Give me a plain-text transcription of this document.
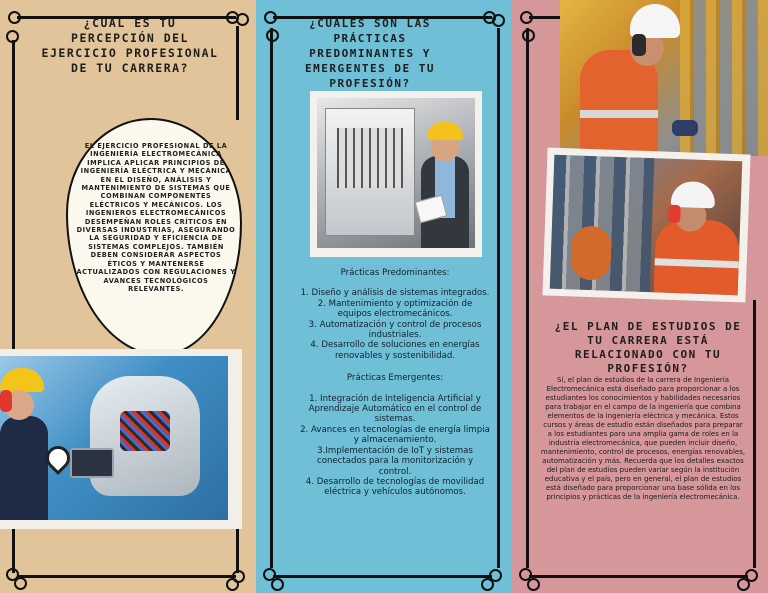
¿CUÁL ES TU PERCEPCIÓN DEL EJERCICIO PROFESIONAL DE TU CARRERA?
EL EJERCICIO PROFESIONAL DE LA INGENIERÍA ELECTROMECÁNICA IMPLICA APLICAR PRINCIPIOS DE INGENIERÍA ELÉCTRICA Y MECÁNICA EN EL DISEÑO, ANÁLISIS Y MANTENIMIENTO DE SISTEMAS QUE COMBINAN COMPONENTES ELÉCTRICOS Y MECÁNICOS. LOS INGENIEROS ELECTROMECÁNICOS DESEMPEÑAN ROLES CRÍTICOS EN DIVERSAS INDUSTRIAS, ASEGURANDO LA SEGURIDAD Y EFICIENCIA DE SISTEMAS COMPLEJOS. TAMBIÉN DEBEN CONSIDERAR ASPECTOS ÉTICOS Y MANTENERSE ACTUALIZADOS CON REGULACIONES Y AVANCES TECNOLÓGICOS RELEVANTES.
¿CUÁLES SON LAS PRÁCTICAS PREDOMINANTES Y EMERGENTES DE TU PROFESIÓN?
Prácticas Predominantes:
1. Diseño y análisis de sistemas integrados.
2. Mantenimiento y optimización de equipos electromecánicos.
3. Automatización y control de procesos industriales.
4. Desarrollo de soluciones en energías renovables y sostenibilidad.
Prácticas Emergentes:
1. Integración de Inteligencia Artificial y Aprendizaje Automático en el control de sistemas.
2. Avances en tecnologías de energía limpia y almacenamiento.
3.Implementación de IoT y sistemas conectados para la monitorización y control.
4. Desarrollo de tecnologías de movilidad eléctrica y vehículos autónomos.
¿EL PLAN DE ESTUDIOS DE TU CARRERA ESTÁ RELACIONADO CON TU PROFESIÓN?
Sí, el plan de estudios de la carrera de Ingeniería Electromecánica está diseñado para proporcionar a los estudiantes los conocimientos y habilidades necesarios para trabajar en el campo de la ingeniería que combina elementos de la ingeniería eléctrica y mecánica. Estos cursos y áreas de estudio están diseñados para preparar a los estudiantes para una amplia gama de roles en la industria electromecánica, que pueden incluir diseño, mantenimiento, control de procesos, energías renovables, automatización y más. Recuerda que los detalles exactos del plan de estudios pueden variar según la institución educativa y el país, pero en general, el plan de estudios está diseñado para proporcionar una base sólida en los principios y prácticas de la ingeniería electromecánica.
